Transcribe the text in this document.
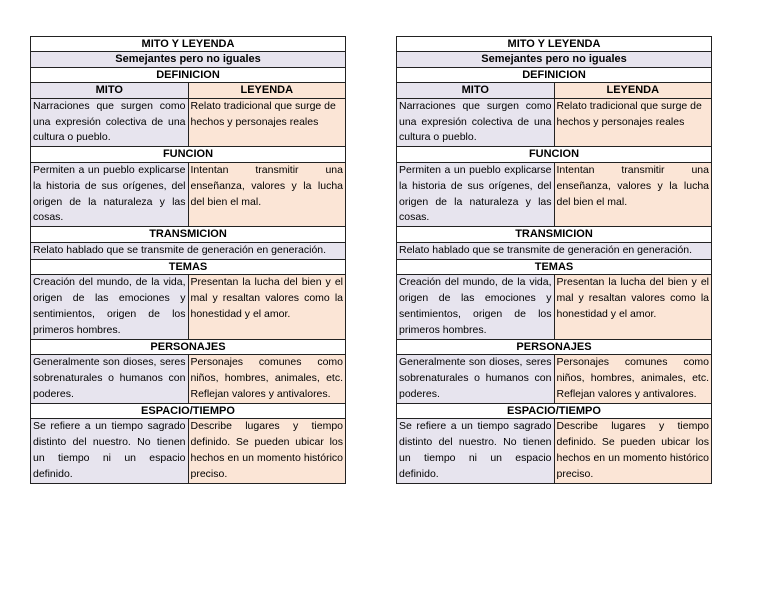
MITO Y LEYENDA	
Semejantes pero no iguales	
DEFINICION	
MITO	LEYENDA
Narraciones que surgen como una expresión colectiva de una cultura o pueblo.	Relato tradicional que surge de hechos y personajes reales
FUNCION	
Permiten a un pueblo explicarse la historia de sus orígenes, del origen de la naturaleza y las cosas.	Intentan transmitir una enseñanza, valores y la lucha del bien el mal.
TRANSMICION	
Relato hablado que se transmite de generación en generación.	
TEMAS	
Creación del mundo, de la vida, origen de las emociones y sentimientos, origen de los primeros hombres.	Presentan la lucha del bien y el mal y resaltan valores como la honestidad y el amor.
PERSONAJES	
Generalmente son dioses, seres sobrenaturales o humanos con poderes.	Personajes comunes como niños, hombres, animales, etc. Reflejan valores y antivalores.
ESPACIO/TIEMPO	
Se refiere a un tiempo sagrado distinto del nuestro. No tienen un tiempo ni un espacio definido.	Describe lugares y tiempo definido. Se pueden ubicar los hechos en un momento histórico preciso.
MITO Y LEYENDA	
Semejantes pero no iguales	
DEFINICION	
MITO	LEYENDA
Narraciones que surgen como una expresión colectiva de una cultura o pueblo.	Relato tradicional que surge de hechos y personajes reales
FUNCION	
Permiten a un pueblo explicarse la historia de sus orígenes, del origen de la naturaleza y las cosas.	Intentan transmitir una enseñanza, valores y la lucha del bien el mal.
TRANSMICION	
Relato hablado que se transmite de generación en generación.	
TEMAS	
Creación del mundo, de la vida, origen de las emociones y sentimientos, origen de los primeros hombres.	Presentan la lucha del bien y el mal y resaltan valores como la honestidad y el amor.
PERSONAJES	
Generalmente son dioses, seres sobrenaturales o humanos con poderes.	Personajes comunes como niños, hombres, animales, etc. Reflejan valores y antivalores.
ESPACIO/TIEMPO	
Se refiere a un tiempo sagrado distinto del nuestro. No tienen un tiempo ni un espacio definido.	Describe lugares y tiempo definido. Se pueden ubicar los hechos en un momento histórico preciso.
